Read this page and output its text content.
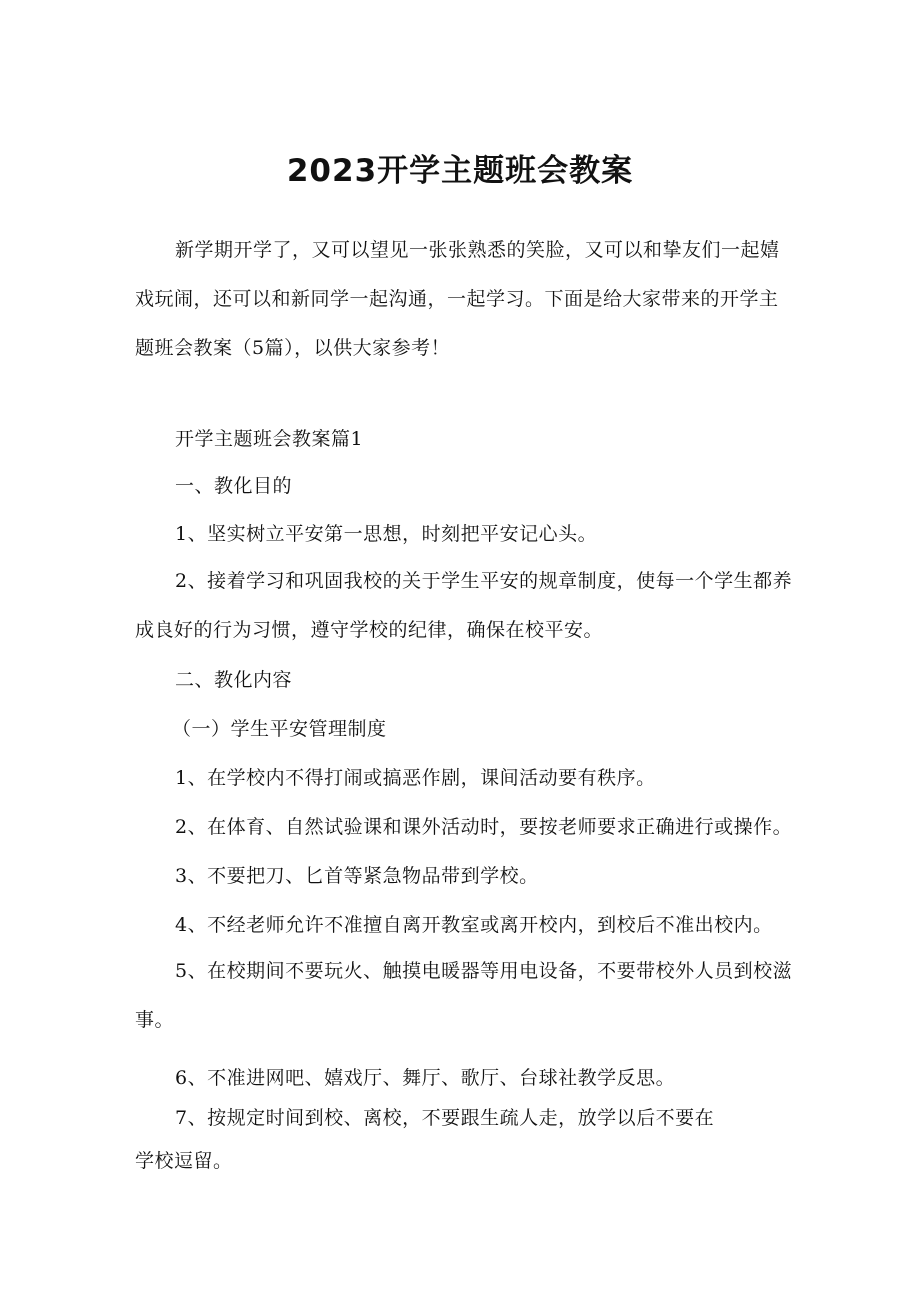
2023开学主题班会教案
新学期开学了，又可以望见一张张熟悉的笑脸，又可以和挚友们一起嬉戏玩闹，还可以和新同学一起沟通，一起学习。下面是给大家带来的开学主题班会教案（5篇），以供大家参考！
开学主题班会教案篇1
一、教化目的
1、坚实树立平安第一思想，时刻把平安记心头。
2、接着学习和巩固我校的关于学生平安的规章制度，使每一个学生都养成良好的行为习惯，遵守学校的纪律，确保在校平安。
二、教化内容
（一）学生平安管理制度
1、在学校内不得打闹或搞恶作剧，课间活动要有秩序。
2、在体育、自然试验课和课外活动时，要按老师要求正确进行或操作。
3、不要把刀、匕首等紧急物品带到学校。
4、不经老师允许不准擅自离开教室或离开校内，到校后不准出校内。
5、在校期间不要玩火、触摸电暖器等用电设备，不要带校外人员到校滋事。
6、不准进网吧、嬉戏厅、舞厅、歌厅、台球社教学反思。
7、按规定时间到校、离校，不要跟生疏人走，放学以后不要在
学校逗留。
